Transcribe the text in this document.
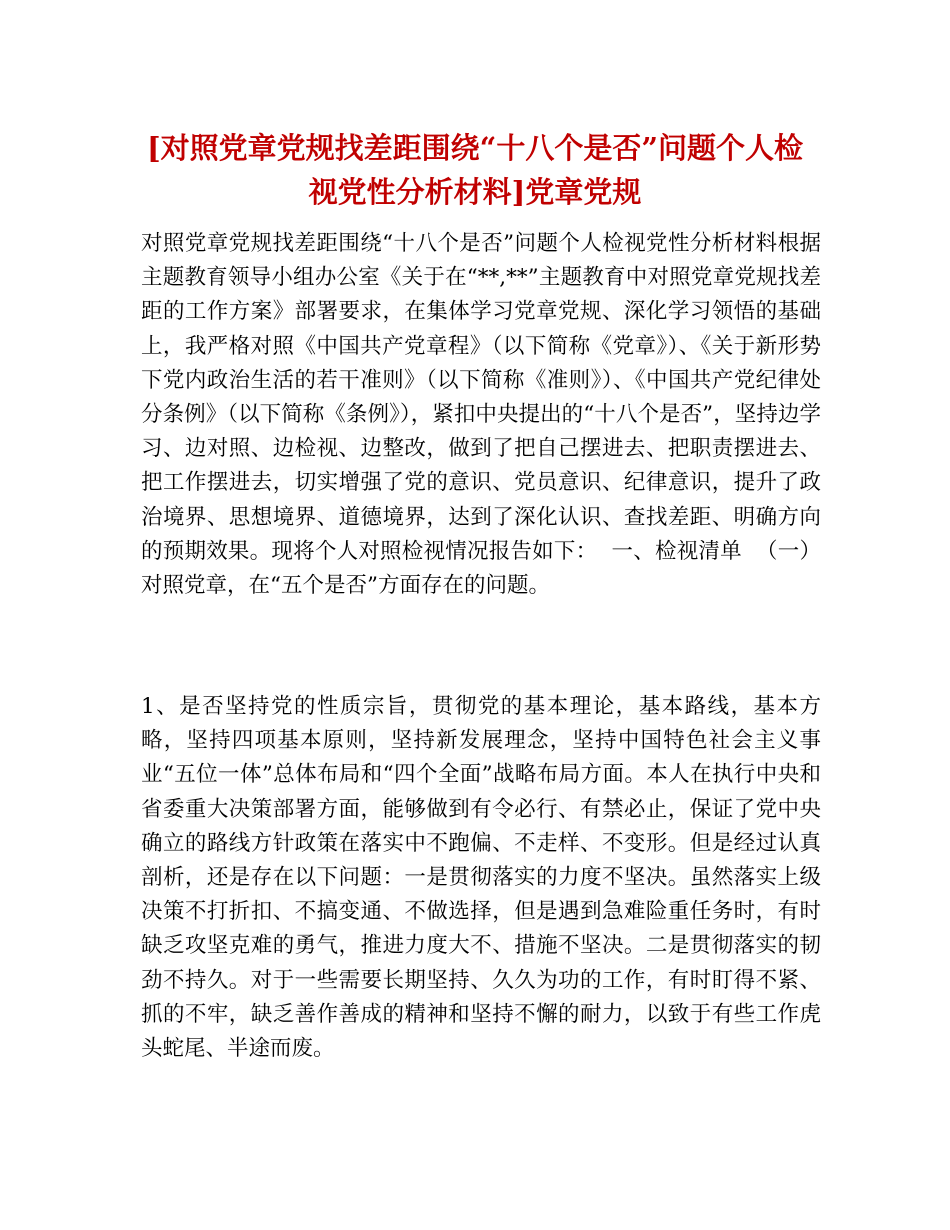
[对照党章党规找差距围绕“十八个是否”问题个人检视党性分析材料]党章党规

对照党章党规找差距围绕“十八个是否”问题个人检视党性分析材料根据主题教育领导小组办公室《关于在“**,**”主题教育中对照党章党规找差距的工作方案》部署要求，在集体学习党章党规、深化学习领悟的基础上，我严格对照《中国共产党章程》（以下简称《党章》）、《关于新形势下党内政治生活的若干准则》（以下简称《准则》）、《中国共产党纪律处分条例》（以下简称《条例》），紧扣中央提出的“十八个是否”，坚持边学习、边对照、边检视、边整改，做到了把自己摆进去、把职责摆进去、把工作摆进去，切实增强了党的意识、党员意识、纪律意识，提升了政治境界、思想境界、道德境界，达到了深化认识、查找差距、明确方向的预期效果。现将个人对照检视情况报告如下：  一、检视清单  （一）对照党章，在“五个是否”方面存在的问题。

1、是否坚持党的性质宗旨，贯彻党的基本理论，基本路线，基本方略，坚持四项基本原则，坚持新发展理念，坚持中国特色社会主义事业“五位一体”总体布局和“四个全面”战略布局方面。本人在执行中央和省委重大决策部署方面，能够做到有令必行、有禁必止，保证了党中央确立的路线方针政策在落实中不跑偏、不走样、不变形。但是经过认真剖析，还是存在以下问题：一是贯彻落实的力度不坚决。虽然落实上级决策不打折扣、不搞变通、不做选择，但是遇到急难险重任务时，有时缺乏攻坚克难的勇气，推进力度大不、措施不坚决。二是贯彻落实的韧劲不持久。对于一些需要长期坚持、久久为功的工作，有时盯得不紧、抓的不牢，缺乏善作善成的精神和坚持不懈的耐力，以致于有些工作虎头蛇尾、半途而废。
